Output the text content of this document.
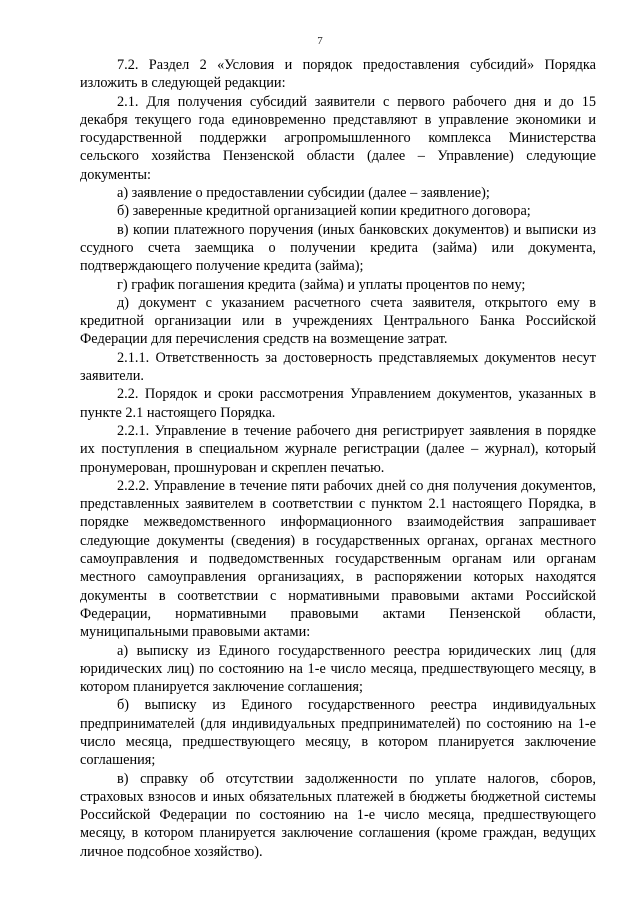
7

7.2. Раздел 2 «Условия и порядок предоставления субсидий» Порядка изложить в следующей редакции:

2.1. Для получения субсидий заявители с первого рабочего дня и до 15 декабря текущего года единовременно представляют в управление экономики и государственной поддержки агропромышленного комплекса Министерства сельского хозяйства Пензенской области (далее – Управление) следующие документы:

а) заявление о предоставлении субсидии (далее – заявление);

б) заверенные кредитной организацией копии кредитного договора;

в) копии платежного поручения (иных банковских документов) и выписки из ссудного счета заемщика о получении кредита (займа) или документа, подтверждающего получение кредита (займа);

г) график погашения кредита (займа) и уплаты процентов по нему;

д) документ с указанием расчетного счета заявителя, открытого ему в кредитной организации или в учреждениях Центрального Банка Российской Федерации для перечисления средств на возмещение затрат.

2.1.1. Ответственность за достоверность представляемых документов несут заявители.

2.2. Порядок и сроки рассмотрения Управлением документов, указанных в пункте 2.1 настоящего Порядка.

2.2.1. Управление в течение рабочего дня регистрирует заявления в порядке их поступления в специальном журнале регистрации (далее – журнал), который пронумерован, прошнурован и скреплен печатью.

2.2.2. Управление в течение пяти рабочих дней со дня получения документов, представленных заявителем в соответствии с пунктом 2.1 настоящего Порядка, в порядке межведомственного информационного взаимодействия запрашивает следующие документы (сведения) в государственных органах, органах местного самоуправления и подведомственных государственным органам или органам местного самоуправления организациях, в распоряжении которых находятся документы в соответствии с нормативными правовыми актами Российской Федерации, нормативными правовыми актами Пензенской области, муниципальными правовыми актами:

а) выписку из Единого государственного реестра юридических лиц (для юридических лиц) по состоянию на 1-е число месяца, предшествующего месяцу, в котором планируется заключение соглашения;

б) выписку из Единого государственного реестра индивидуальных предпринимателей (для индивидуальных предпринимателей) по состоянию на 1-е число месяца, предшествующего месяцу, в котором планируется заключение соглашения;

в) справку об отсутствии задолженности по уплате налогов, сборов, страховых взносов и иных обязательных платежей в бюджеты бюджетной системы Российской Федерации по состоянию на 1-е число месяца, предшествующего месяцу, в котором планируется заключение соглашения (кроме граждан, ведущих личное подсобное хозяйство).
